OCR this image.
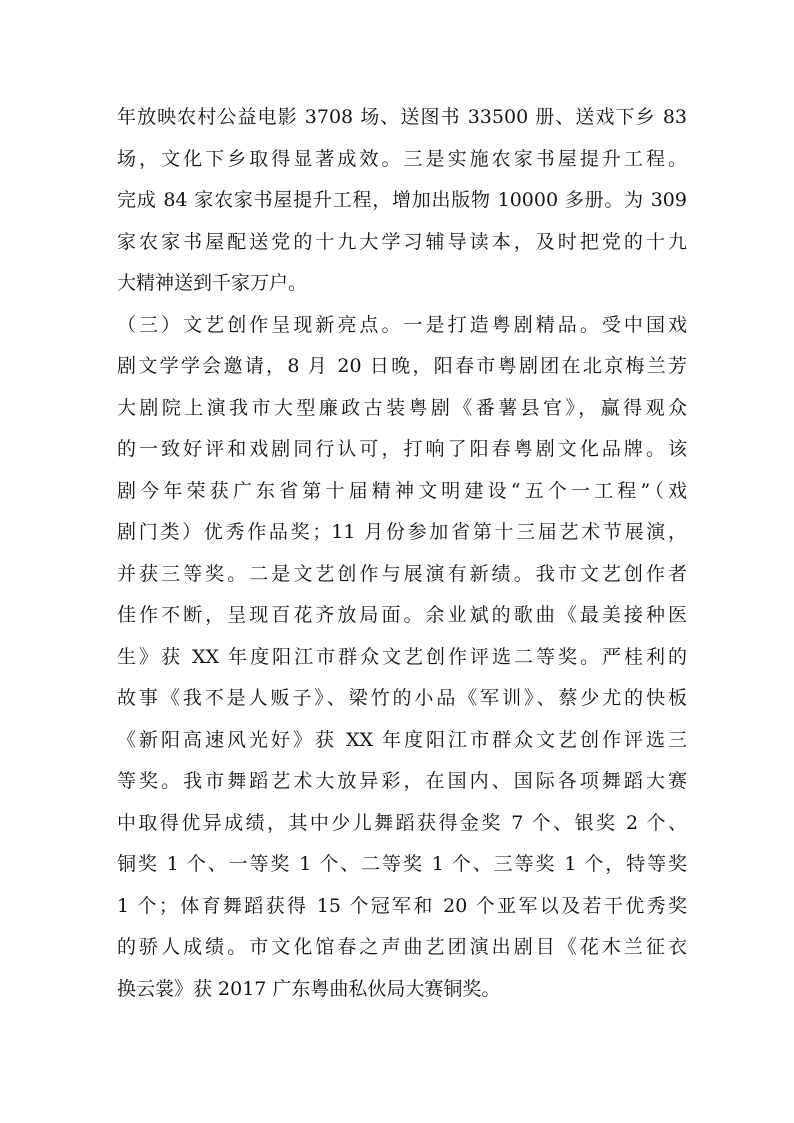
年放映农村公益电影 3708 场、送图书 33500 册、送戏下乡 83
场，文化下乡取得显著成效。三是实施农家书屋提升工程。
完成 84 家农家书屋提升工程，增加出版物 10000 多册。为 309
家农家书屋配送党的十九大学习辅导读本，及时把党的十九
大精神送到千家万户。
（三）文艺创作呈现新亮点。一是打造粤剧精品。受中国戏
剧文学学会邀请，8 月 20 日晚，阳春市粤剧团在北京梅兰芳
大剧院上演我市大型廉政古装粤剧《番薯县官》，赢得观众
的一致好评和戏剧同行认可，打响了阳春粤剧文化品牌。该
剧今年荣获广东省第十届精神文明建设“五个一工程”（戏
剧门类）优秀作品奖；11 月份参加省第十三届艺术节展演，
并获三等奖。二是文艺创作与展演有新绩。我市文艺创作者
佳作不断，呈现百花齐放局面。余业斌的歌曲《最美接种医
生》获 XX 年度阳江市群众文艺创作评选二等奖。严桂利的
故事《我不是人贩子》、梁竹的小品《军训》、蔡少尤的快板
《新阳高速风光好》获 XX 年度阳江市群众文艺创作评选三
等奖。我市舞蹈艺术大放异彩，在国内、国际各项舞蹈大赛
中取得优异成绩，其中少儿舞蹈获得金奖 7 个、银奖 2 个、
铜奖 1 个、一等奖 1 个、二等奖 1 个、三等奖 1 个，特等奖
1 个；体育舞蹈获得 15 个冠军和 20 个亚军以及若干优秀奖
的骄人成绩。市文化馆春之声曲艺团演出剧目《花木兰征衣
换云裳》获 2017 广东粤曲私伙局大赛铜奖。
